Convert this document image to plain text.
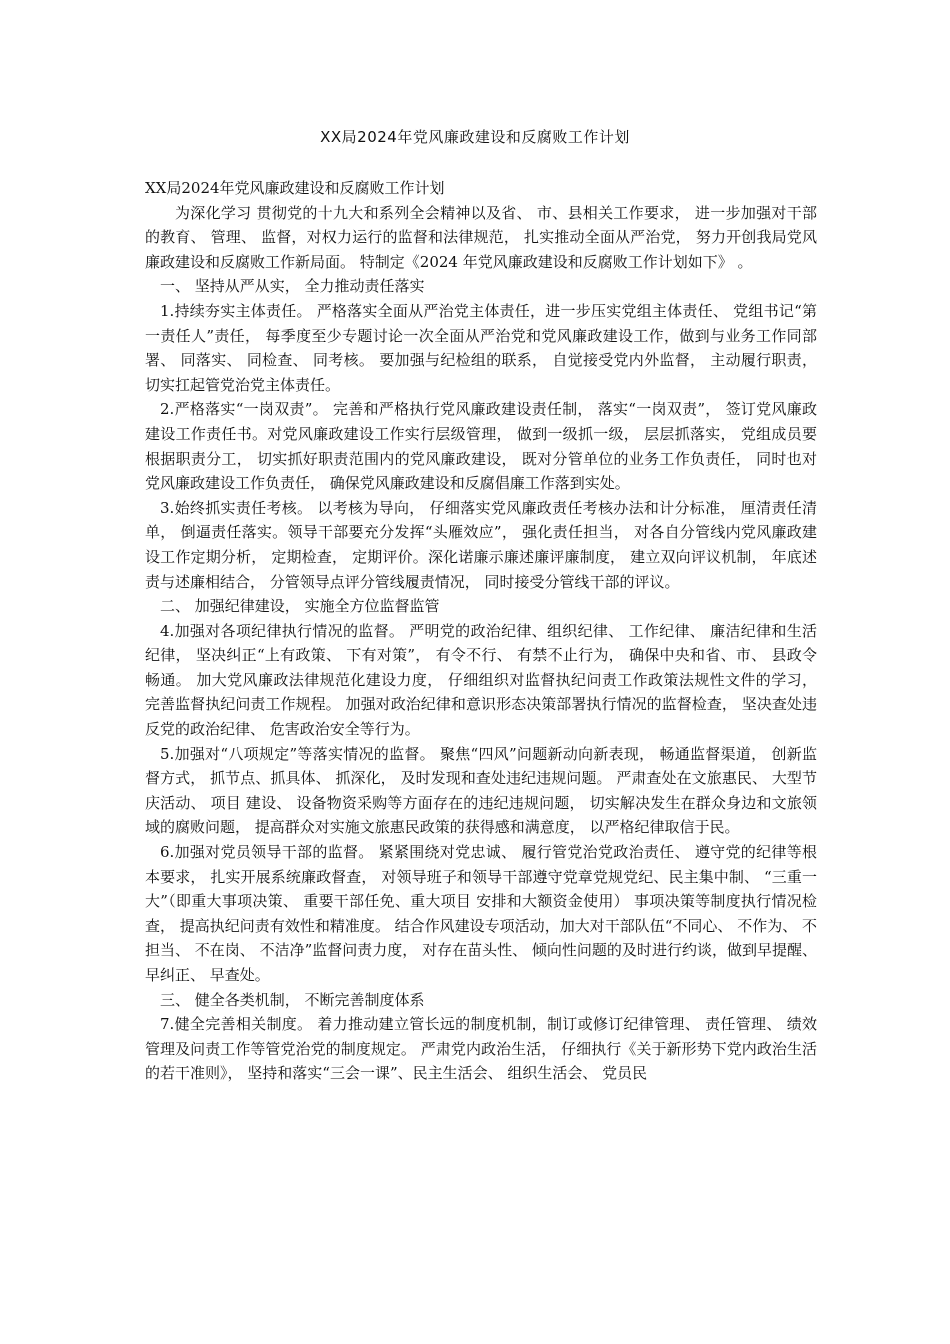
XX局2024年党风廉政建设和反腐败工作计划

XX局2024年党风廉政建设和反腐败工作计划

为深化学习 贯彻党的十九大和系列全会精神以及省、 市、县相关工作要求， 进一步加强对干部的教育、 管理、 监督，对权力运行的监督和法律规范， 扎实推动全面从严治党， 努力开创我局党风廉政建设和反腐败工作新局面。 特制定《2024 年党风廉政建设和反腐败工作计划如下》 。

一、 坚持从严从实， 全力推动责任落实

1.持续夯实主体责任。 严格落实全面从严治党主体责任，进一步压实党组主体责任、 党组书记“第一责任人”责任， 每季度至少专题讨论一次全面从严治党和党风廉政建设工作，做到与业务工作同部署、 同落实、 同检查、 同考核。 要加强与纪检组的联系， 自觉接受党内外监督， 主动履行职责， 切实扛起管党治党主体责任。

2.严格落实“一岗双责”。 完善和严格执行党风廉政建设责任制， 落实“一岗双责”， 签订党风廉政建设工作责任书。对党风廉政建设工作实行层级管理， 做到一级抓一级， 层层抓落实， 党组成员要根据职责分工， 切实抓好职责范围内的党风廉政建设， 既对分管单位的业务工作负责任， 同时也对党风廉政建设工作负责任， 确保党风廉政建设和反腐倡廉工作落到实处。

3.始终抓实责任考核。 以考核为导向， 仔细落实党风廉政责任考核办法和计分标准， 厘清责任清单， 倒逼责任落实。领导干部要充分发挥“头雁效应”， 强化责任担当， 对各自分管线内党风廉政建设工作定期分析， 定期检查， 定期评价。深化诺廉示廉述廉评廉制度， 建立双向评议机制， 年底述责与述廉相结合， 分管领导点评分管线履责情况， 同时接受分管线干部的评议。

二、 加强纪律建设， 实施全方位监督监管

4.加强对各项纪律执行情况的监督。 严明党的政治纪律、组织纪律、 工作纪律、 廉洁纪律和生活纪律， 坚决纠正“上有政策、 下有对策”， 有令不行、 有禁不止行为， 确保中央和省、市、 县政令畅通。 加大党风廉政法律规范化建设力度， 仔细组织对监督执纪问责工作政策法规性文件的学习， 完善监督执纪问责工作规程。 加强对政治纪律和意识形态决策部署执行情况的监督检查， 坚决查处违反党的政治纪律、 危害政治安全等行为。

5.加强对“八项规定”等落实情况的监督。 聚焦“四风”问题新动向新表现， 畅通监督渠道， 创新监督方式， 抓节点、抓具体、 抓深化， 及时发现和查处违纪违规问题。 严肃查处在文旅惠民、 大型节庆活动、 项目 建设、 设备物资采购等方面存在的违纪违规问题， 切实解决发生在群众身边和文旅领域的腐败问题， 提高群众对实施文旅惠民政策的获得感和满意度， 以严格纪律取信于民。

6.加强对党员领导干部的监督。 紧紧围绕对党忠诚、 履行管党治党政治责任、 遵守党的纪律等根本要求， 扎实开展系统廉政督查， 对领导班子和领导干部遵守党章党规党纪、民主集中制、 “三重一大”（即重大事项决策、 重要干部任免、重大项目 安排和大额资金使用） 事项决策等制度执行情况检查， 提高执纪问责有效性和精准度。 结合作风建设专项活动，加大对干部队伍“不同心、 不作为、 不担当、 不在岗、 不洁净”监督问责力度， 对存在苗头性、 倾向性问题的及时进行约谈，做到早提醒、 早纠正、 早查处。

三、 健全各类机制， 不断完善制度体系

7.健全完善相关制度。 着力推动建立管长远的制度机制，制订或修订纪律管理、 责任管理、 绩效管理及问责工作等管党治党的制度规定。 严肃党内政治生活， 仔细执行《关于新形势下党内政治生活的若干准则》， 坚持和落实“三会一课”、民主生活会、 组织生活会、 党员民
